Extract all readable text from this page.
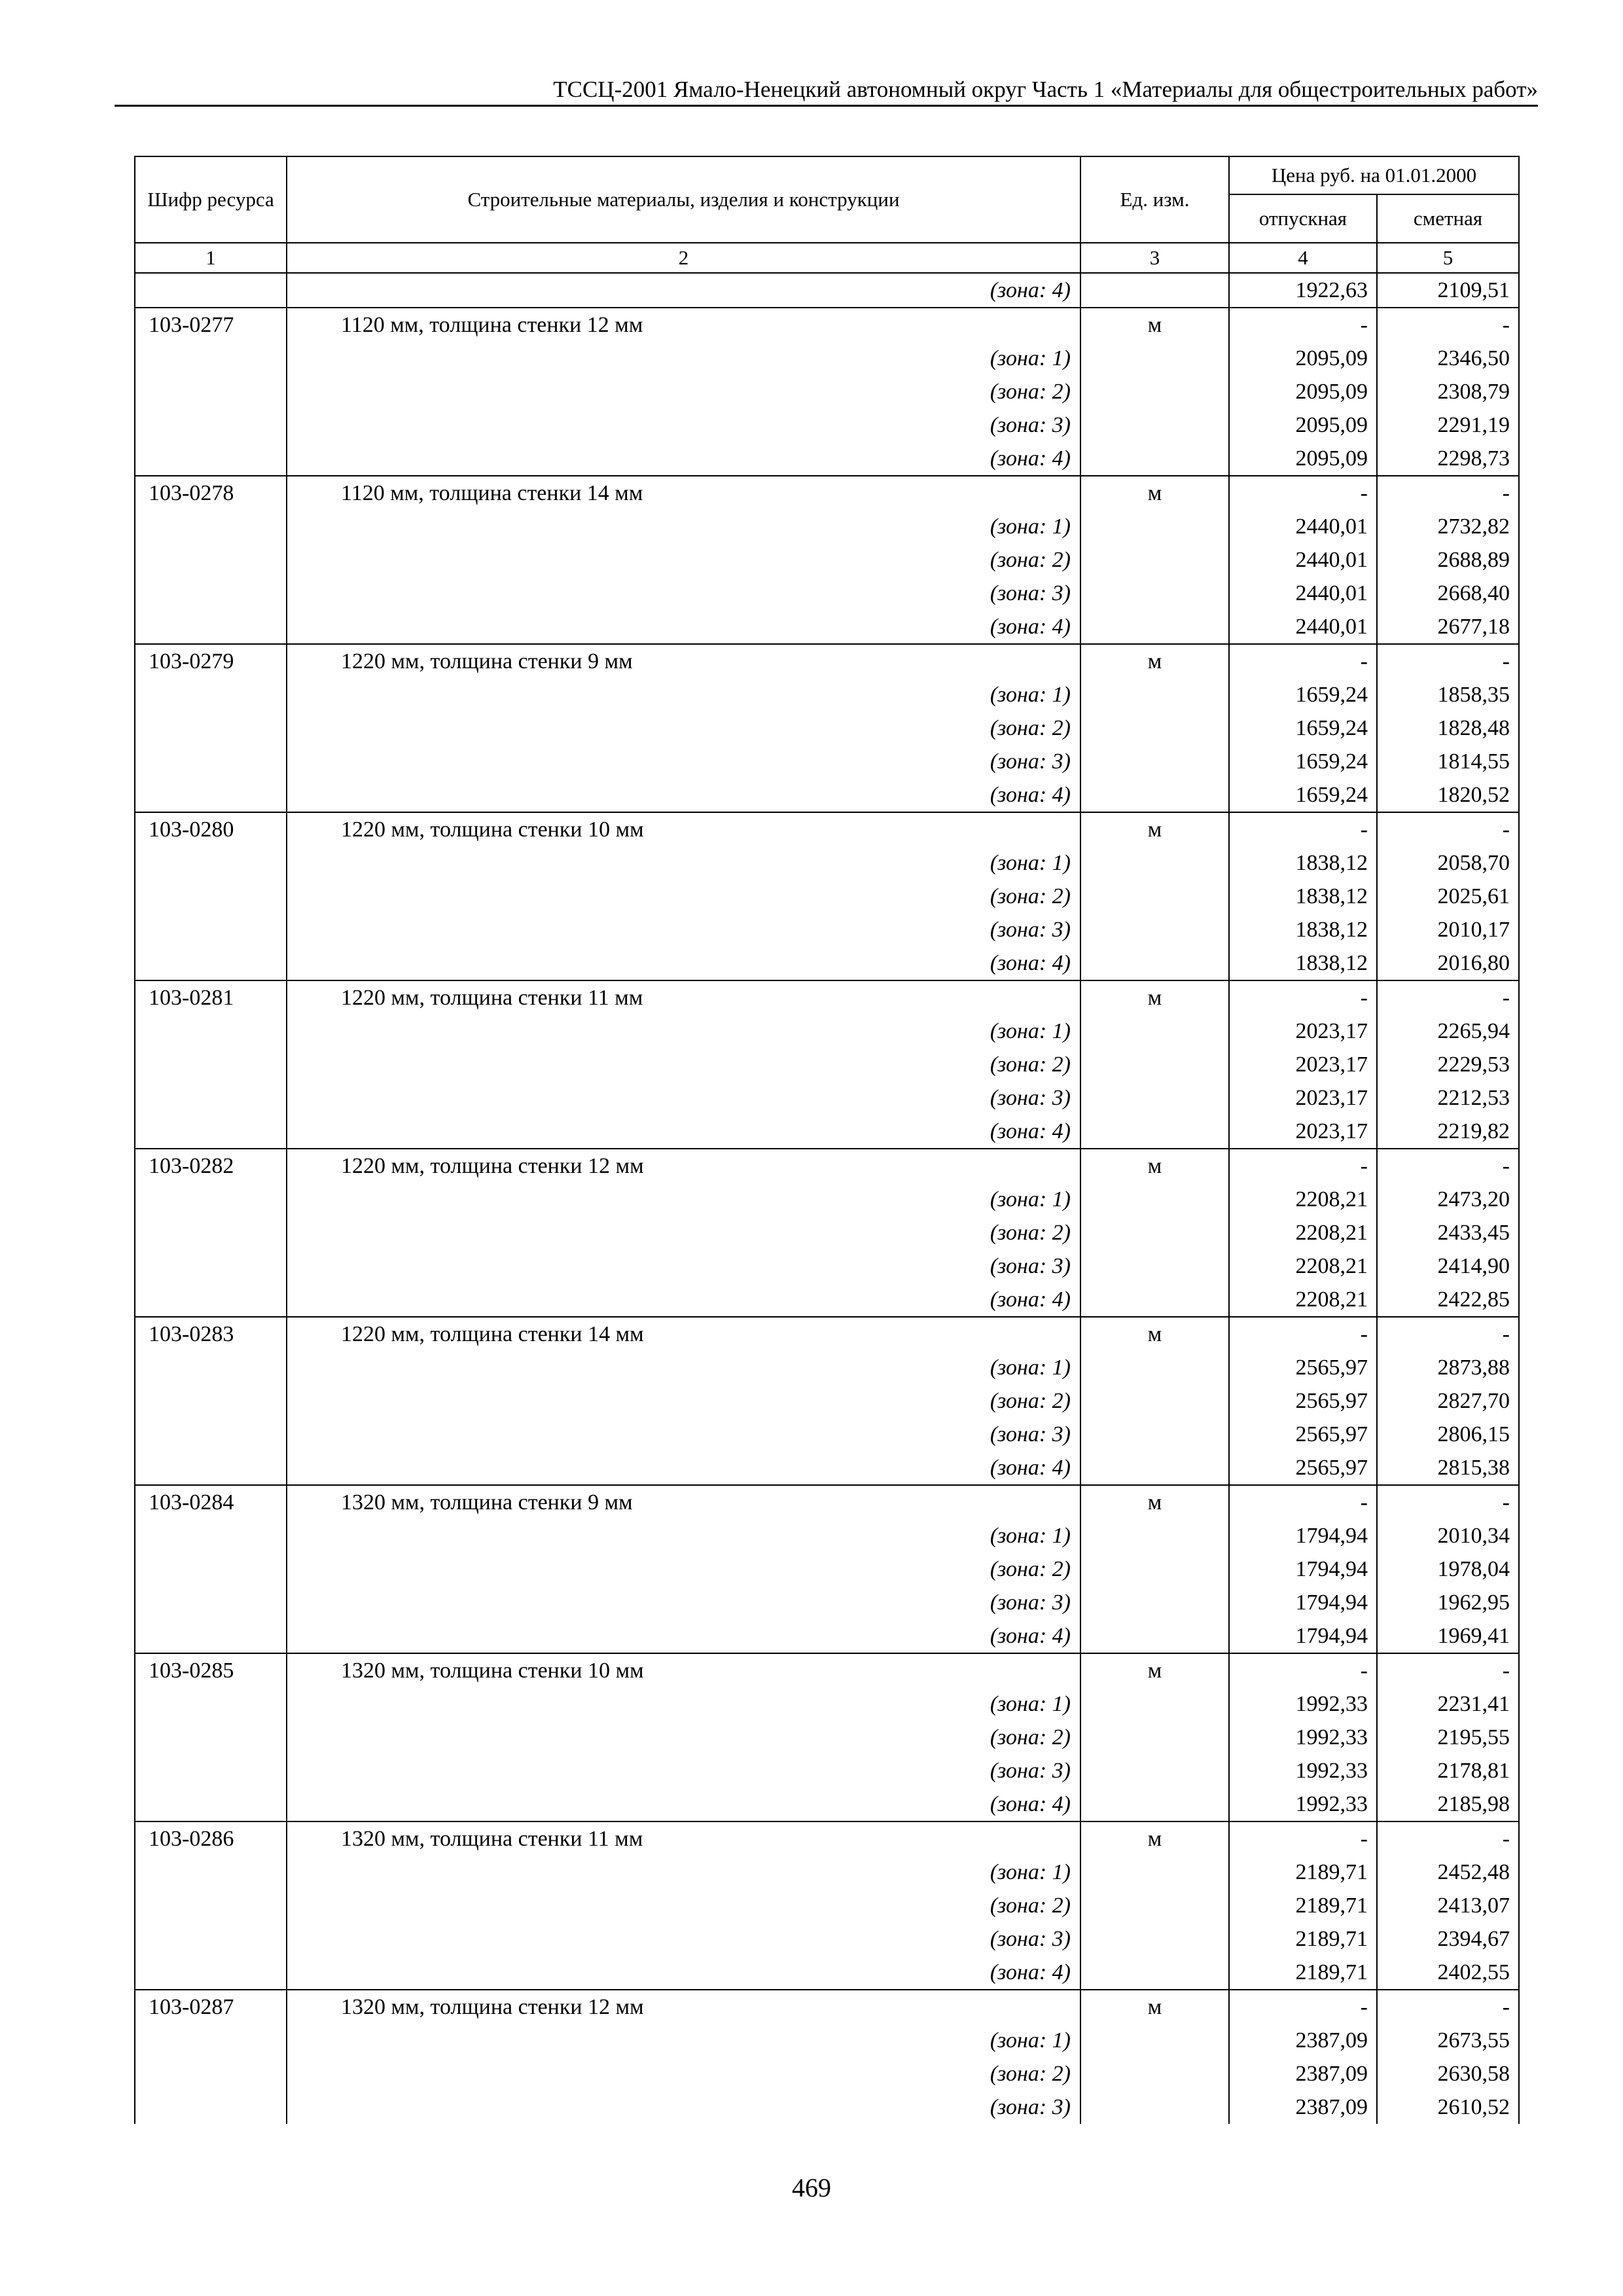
ТССЦ-2001 Ямало-Ненецкий автономный округ Часть 1 «Материалы для общестроительных работ»
Шифр ресурса	Строительные материалы, изделия и конструкции	Ед. изм.	Цена руб. на 01.01.2000	
			отпускная	сметная
1	2	3	4	5

	(зона: 4)		1922,63	2109,51
103-0277	1120 мм, толщина стенки 12 мм	м	-	-

	(зона: 1)		2095,09	2346,50

	(зона: 2)		2095,09	2308,79

	(зона: 3)		2095,09	2291,19

	(зона: 4)		2095,09	2298,73
103-0278	1120 мм, толщина стенки 14 мм	м	-	-

	(зона: 1)		2440,01	2732,82

	(зона: 2)		2440,01	2688,89

	(зона: 3)		2440,01	2668,40

	(зона: 4)		2440,01	2677,18
103-0279	1220 мм, толщина стенки 9 мм	м	-	-

	(зона: 1)		1659,24	1858,35

	(зона: 2)		1659,24	1828,48

	(зона: 3)		1659,24	1814,55

	(зона: 4)		1659,24	1820,52
103-0280	1220 мм, толщина стенки 10 мм	м	-	-

	(зона: 1)		1838,12	2058,70

	(зона: 2)		1838,12	2025,61

	(зона: 3)		1838,12	2010,17

	(зона: 4)		1838,12	2016,80
103-0281	1220 мм, толщина стенки 11 мм	м	-	-

	(зона: 1)		2023,17	2265,94

	(зона: 2)		2023,17	2229,53

	(зона: 3)		2023,17	2212,53

	(зона: 4)		2023,17	2219,82
103-0282	1220 мм, толщина стенки 12 мм	м	-	-

	(зона: 1)		2208,21	2473,20

	(зона: 2)		2208,21	2433,45

	(зона: 3)		2208,21	2414,90

	(зона: 4)		2208,21	2422,85
103-0283	1220 мм, толщина стенки 14 мм	м	-	-

	(зона: 1)		2565,97	2873,88

	(зона: 2)		2565,97	2827,70

	(зона: 3)		2565,97	2806,15

	(зона: 4)		2565,97	2815,38
103-0284	1320 мм, толщина стенки 9 мм	м	-	-

	(зона: 1)		1794,94	2010,34

	(зона: 2)		1794,94	1978,04

	(зона: 3)		1794,94	1962,95

	(зона: 4)		1794,94	1969,41
103-0285	1320 мм, толщина стенки 10 мм	м	-	-

	(зона: 1)		1992,33	2231,41

	(зона: 2)		1992,33	2195,55

	(зона: 3)		1992,33	2178,81

	(зона: 4)		1992,33	2185,98
103-0286	1320 мм, толщина стенки 11 мм	м	-	-

	(зона: 1)		2189,71	2452,48

	(зона: 2)		2189,71	2413,07

	(зона: 3)		2189,71	2394,67

	(зона: 4)		2189,71	2402,55
103-0287	1320 мм, толщина стенки 12 мм	м	-	-

	(зона: 1)		2387,09	2673,55

	(зона: 2)		2387,09	2630,58

	(зона: 3)		2387,09	2610,52
469
